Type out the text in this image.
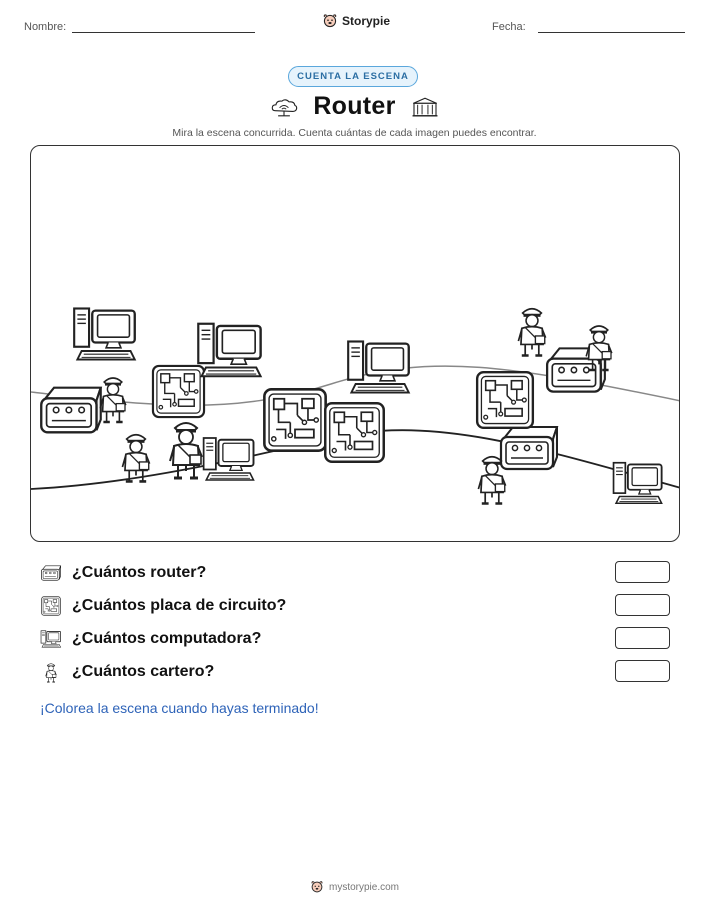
Nombre:	Storypie	Fecha:
CUENTA LA ESCENA
Router
Mira la escena concurrida. Cuenta cuántas de cada imagen puedes encontrar.
¿Cuántos router?
¿Cuántos placa de circuito?
¿Cuántos computadora?
¿Cuántos cartero?
¡Colorea la escena cuando hayas terminado!
mystorypie.com
